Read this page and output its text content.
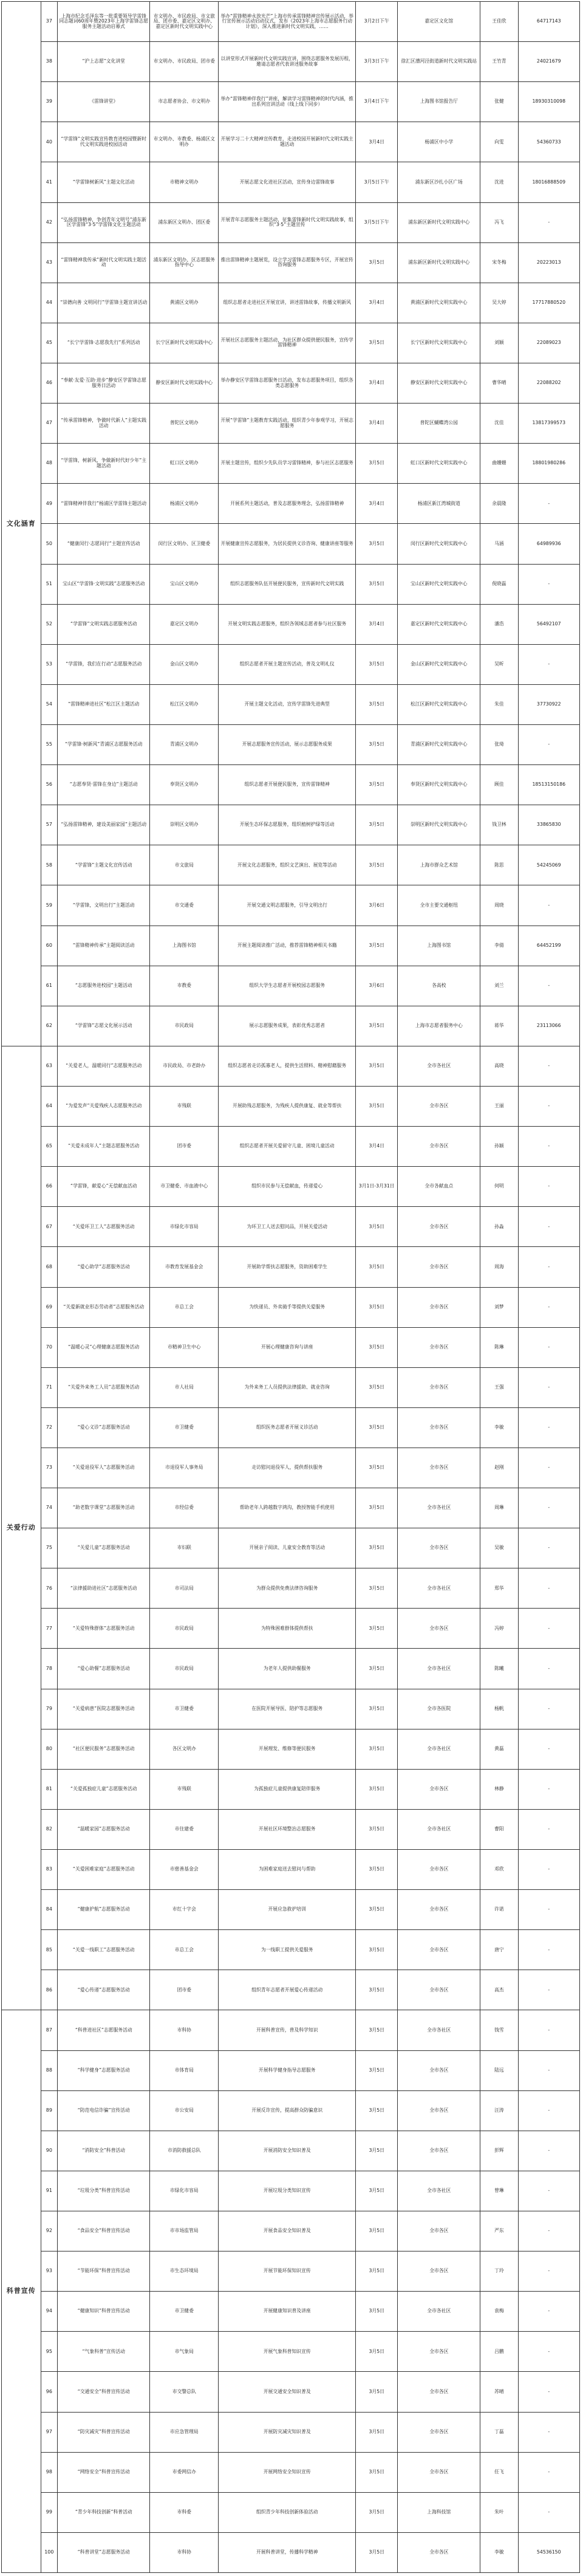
文化涵育	37	上海市纪念毛泽东等一批重要领导学雷锋同志题词60周年暨2023年上海学雷锋志愿服务主题活动启幕式	市文明办、市民政局、市文旅局、团市委、嘉定区文明办、嘉定区新时代文明实践中心	举办“雷锋精神永放光芒”上海市传承雷锋精神宣传展示活动，举行宣传展示活动启动仪式，发布《2023年上海市志愿服务行动计划》，深入推进新时代文明实践，……	3月2日下午	嘉定区文化馆	王佳欣	64717143
	38	“沪上志愿”文化讲堂	市文明办、市民政局、团市委	以讲堂形式开展新时代文明实践宣讲，围绕志愿服务发展历程，邀请志愿者代表讲述服务故事	3月3日下午	徐汇区漕河泾街道新时代文明实践站	王竹青	24021679
	39	《雷锋讲堂》	市志愿者协会、市文明办	举办“雷锋精神伴我行”讲座，解读学习雷锋精神的时代内涵，推出系列宣讲活动（线上线下同步）	3月4日下午	上海图书馆报告厅	张健	18930310098
	40	“学雷锋”文明实践宣传教育进校园暨新时代文明实践进校园活动	市文明办、市教委、杨浦区文明办	开展学习二十大精神宣传教育，走进校园开展新时代文明实践主题活动	3月4日	杨浦区中小学	向雯	54360733
	41	“学雷锋树新风”主题文化活动	市精神文明办	开展志愿文化进社区活动，宣传身边雷锋故事	3月5日下午	浦东新区沙扎小区广场	沈进	18016888509
	42	“弘扬雷锋精神，争创青年文明号”浦东新区学雷锋“3·5”学雷锋文化主题活动	浦东新区文明办、团区委	开展青年志愿服务主题活动，征集雷锋新时代文明实践故事，组织“3·5”主题宣传	3月5日下午	浦东新区新时代文明实践中心	冯飞	-
	43	“雷锋精神我传承”新时代文明实践主题活动	浦东新区文明办、区志愿服务指导中心	推出雷锋精神主题展览，设立学习雷锋志愿服务专区，开展宣传咨询服务	3月5日	浦东新区新时代文明实践中心	宋冬梅	20223013
	44	“崇德向善 文明同行”学雷锋主题宣讲活动	黄浦区文明办	组织志愿者走进社区开展宣讲，讲述雷锋故事，传播文明新风	3月4日	黄浦区新时代文明实践中心	吴大婷	17717880520
	45	“长宁学雷锋·志愿我先行”系列活动	长宁区新时代文明实践中心	开展社区志愿服务主题活动，为社区群众提供便民服务，宣传学雷锋精神	3月5日	长宁区新时代文明实践中心	刘颖	22089023
	46	“奉献·友爱·互助·进步”静安区学雷锋志愿服务日活动	静安区新时代文明实践中心	举办静安区学雷锋志愿服务日活动，发布志愿服务项目，组织各类志愿服务	3月4日	静安区新时代文明实践中心	曹华晴	22088202
	47	“传承雷锋精神，争做时代新人”主题实践活动	普陀区文明办	开展“学雷锋”主题教育实践活动，组织青少年参观学习，开展志愿服务	3月4日	普陀区蝴蝶湾公园	沈佳	13817399573
	48	“学雷锋，树新风，争做新时代好少年”主题活动	虹口区文明办	开展主题宣传，组织少先队员学习雷锋精神，参与社区志愿服务	3月5日	虹口区新时代文明实践中心	曲姗姗	18801980286
	49	“雷锋精神伴我行”杨浦区学雷锋主题活动	杨浦区文明办	开展系列主题活动，普及志愿服务理念，弘扬雷锋精神	3月4日	杨浦区新江湾城街道	余晨隆	-
	50	“健康闵行·志愿同行”主题宣传活动	闵行区文明办、区卫健委	开展健康宣传志愿服务，为居民提供义诊咨询、健康讲座等服务	3月5日	闵行区新时代文明实践中心	马涵	64989936
	51	宝山区“学雷锋·文明实践”志愿服务活动	宝山区文明办	组织志愿服务队伍开展便民服务，宣传新时代文明实践	3月5日	宝山区新时代文明实践中心	倪晓磊	-
	52	“学雷锋”文明实践志愿服务活动	嘉定区文明办	开展文明实践志愿服务，组织各领域志愿者参与社区服务	3月4日	嘉定区新时代文明实践中心	潘浩	56492107
	53	“学雷锋，我们在行动”志愿服务活动	金山区文明办	组织志愿者开展主题宣传活动，普及文明礼仪	3月5日	金山区新时代文明实践中心	吴昕	-
	54	“雷锋精神进社区”松江区主题活动	松江区文明办	开展主题文化活动，宣传学雷锋先进典型	3月5日	松江区新时代文明实践中心	朱佳	37730922
	55	“学雷锋·树新风”青浦区志愿服务活动	青浦区文明办	开展志愿服务宣传活动，展示志愿服务成果	3月5日	青浦区新时代文明实践中心	张琦	-
	56	“志愿奉贤·雷锋在身边”主题活动	奉贤区文明办	组织志愿者开展便民服务，宣传雷锋精神	3月5日	奉贤区新时代文明实践中心	顾佳	18513150186
	57	“弘扬雷锋精神，建设美丽家园”主题活动	崇明区文明办	开展生态环保志愿服务，组织植树护绿等活动	3月5日	崇明区新时代文明实践中心	钱卫林	33865830
	58	“学雷锋”主题文化宣传活动	市文旅局	开展文化志愿服务，组织文艺演出、展览等活动	3月5日	上海市群众艺术馆	陈思	54245069
	59	“学雷锋，文明出行”主题活动	市交通委	开展交通文明志愿服务，引导文明出行	3月6日	全市主要交通枢纽	周晓	-
	60	“雷锋精神传承”主题阅读活动	上海图书馆	开展主题阅读推广活动，推荐雷锋精神相关书籍	3月5日	上海图书馆	李倩	64452199
	61	“志愿服务进校园”主题活动	市教委	组织大学生志愿者开展校园志愿服务	3月6日	各高校	刘兰	-
	62	“学雷锋”志愿文化展示活动	市民政局	展示志愿服务成果，表彰优秀志愿者	3月5日	上海市志愿者服务中心	蒋华	23113066
关爱行动	63	“关爱老人，温暖同行”志愿服务活动	市民政局、市老龄办	组织志愿者走访孤寡老人，提供生活照料、精神慰藉服务	3月5日	全市各社区	高晓	-
	64	“为爱发声”关爱残疾人志愿服务活动	市残联	开展助残志愿服务，为残疾人提供康复、就业等帮扶	3月5日	全市各区	王丽	-
	65	“关爱未成年人”主题志愿服务活动	团市委	组织志愿者开展关爱留守儿童、困境儿童活动	3月4日	全市各区	孙颖	-
	66	“学雷锋，献爱心”无偿献血活动	市卫健委、市血液中心	组织市民参与无偿献血，传递爱心	3月1日-3月31日	全市各献血点	何明	-
	67	“关爱环卫工人”志愿服务活动	市绿化市容局	为环卫工人送去慰问品，开展关爱活动	3月5日	全市各区	孙淼	-
	68	“爱心助学”志愿服务活动	市教育发展基金会	开展助学帮扶志愿服务，资助困难学生	3月5日	全市各区	周海	-
	69	“关爱新就业形态劳动者”志愿服务活动	市总工会	为快递员、外卖骑手等提供关爱服务	3月5日	全市各区	刘梦	-
	70	“温暖心灵”心理健康志愿服务活动	市精神卫生中心	开展心理健康咨询与讲座	3月5日	全市各区	陈琳	-
	71	“关爱外来务工人员”志愿服务活动	市人社局	为外来务工人员提供法律援助、就业咨询	3月5日	全市各区	王强	-
	72	“爱心义诊”志愿服务活动	市卫健委	组织医务志愿者开展义诊活动	3月5日	全市各区	李敏	-
	73	“关爱退役军人”志愿服务活动	市退役军人事务局	走访慰问退役军人，提供帮扶服务	3月5日	全市各区	赵刚	-
	74	“助老数字课堂”志愿服务活动	市经信委	帮助老年人跨越数字鸿沟，教授智能手机使用	3月5日	全市各社区	周琳	-
	75	“关爱儿童”志愿服务活动	市妇联	开展亲子阅读、儿童安全教育等活动	3月5日	全市各区	吴敏	-
	76	“法律援助进社区”志愿服务活动	市司法局	为群众提供免费法律咨询服务	3月5日	全市各社区	郑华	-
	77	“关爱特殊群体”志愿服务活动	市民政局	为特殊困难群体提供帮扶	3月5日	全市各区	冯婷	-
	78	“爱心助餐”志愿服务活动	市民政局	为老年人提供助餐服务	3月5日	全市各社区	陈曦	-
	79	“关爱病患”医院志愿服务活动	市卫健委	在医院开展导医、陪护等志愿服务	3月5日	全市各医院	杨帆	-
	80	“社区便民服务”志愿服务活动	各区文明办	开展理发、维修等便民服务	3月5日	全市各社区	黄磊	-
	81	“关爱孤独症儿童”志愿服务活动	市残联	为孤独症儿童提供康复陪伴服务	3月5日	全市各区	林静	-
	82	“温暖家园”志愿服务活动	市住建委	开展社区环境整治志愿服务	3月5日	全市各社区	曹阳	-
	83	“关爱困难家庭”志愿服务活动	市慈善基金会	为困难家庭送去慰问与帮助	3月5日	全市各区	邓欣	-
	84	“健康护航”志愿服务活动	市红十字会	开展应急救护培训	3月5日	全市各区	许诺	-
	85	“关爱一线职工”志愿服务活动	市总工会	为一线职工提供关爱服务	3月5日	全市各区	唐宁	-
	86	“爱心传递”志愿服务活动	团市委	组织青年志愿者开展爱心传递活动	3月5日	全市各区	高杰	-
科普宣传	87	“科普进社区”志愿服务活动	市科协	开展科普宣传，普及科学知识	3月5日	全市各社区	钱雪	-
	88	“科学健身”志愿服务活动	市体育局	开展科学健身指导志愿服务	3月5日	全市各区	陆远	-
	89	“防范电信诈骗”宣传活动	市公安局	开展反诈宣传，提高群众防骗意识	3月5日	全市各区	汪涛	-
	90	“消防安全”科普活动	市消防救援总队	开展消防安全知识普及	3月5日	全市各区	彭辉	-
	91	“垃圾分类”科普宣传活动	市绿化市容局	开展垃圾分类知识宣传	3月5日	全市各社区	曾琳	-
	92	“食品安全”科普宣传活动	市市场监管局	开展食品安全知识普及	3月5日	全市各区	严东	-
	93	“节能环保”科普宣传活动	市生态环境局	开展节能环保知识宣传	3月5日	全市各区	丁玲	-
	94	“健康知识”科普宣传活动	市卫健委	开展健康知识普及讲座	3月5日	全市各社区	袁梅	-
	95	“气象科普”宣传活动	市气象局	开展气象科普知识宣传	3月5日	全市各区	吕鹏	-
	96	“交通安全”科普宣传活动	市交警总队	开展交通安全知识普及	3月5日	全市各区	苏晴	-
	97	“防灾减灾”科普宣传活动	市应急管理局	开展防灾减灾知识普及	3月5日	全市各区	丁磊	-
	98	“网络安全”科普宣传活动	市委网信办	开展网络安全知识宣传	3月5日	全市各区	任飞	-
	99	“青少年科技创新”科普活动	市科委	组织青少年科技创新体验活动	3月5日	上海科技馆	朱叶	-
	100	“科普讲堂”志愿服务活动	市科协	开展科普讲堂，传播科学精神	3月5日	全市各区	李敏	54536150
